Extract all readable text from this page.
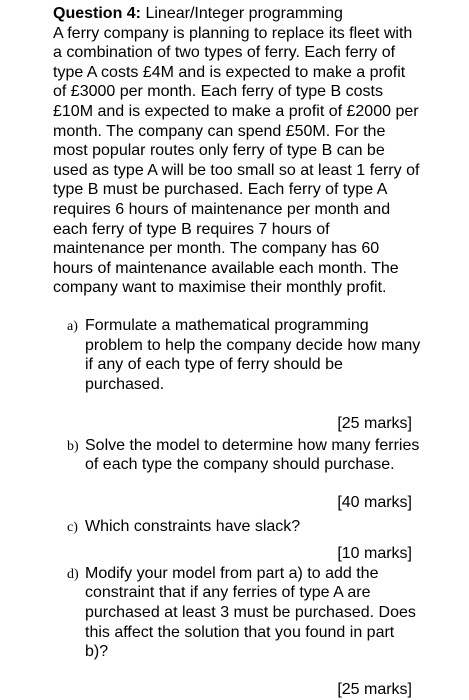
Question 4: Linear/Integer programming

A ferry company is planning to replace its fleet with a combination of two types of ferry. Each ferry of type A costs £4M and is expected to make a profit of £3000 per month. Each ferry of type B costs £10M and is expected to make a profit of £2000 per month. The company can spend £50M. For the most popular routes only ferry of type B can be used as type A will be too small so at least 1 ferry of type B must be purchased. Each ferry of type A requires 6 hours of maintenance per month and each ferry of type B requires 7 hours of maintenance per month. The company has 60 hours of maintenance available each month. The company want to maximise their monthly profit.

a) Formulate a mathematical programming problem to help the company decide how many if any of each type of ferry should be purchased.

[25 marks]

b) Solve the model to determine how many ferries of each type the company should purchase.

[40 marks]

c) Which constraints have slack?

[10 marks]

d) Modify your model from part a) to add the constraint that if any ferries of type A are purchased at least 3 must be purchased. Does this affect the solution that you found in part b)?

[25 marks]
